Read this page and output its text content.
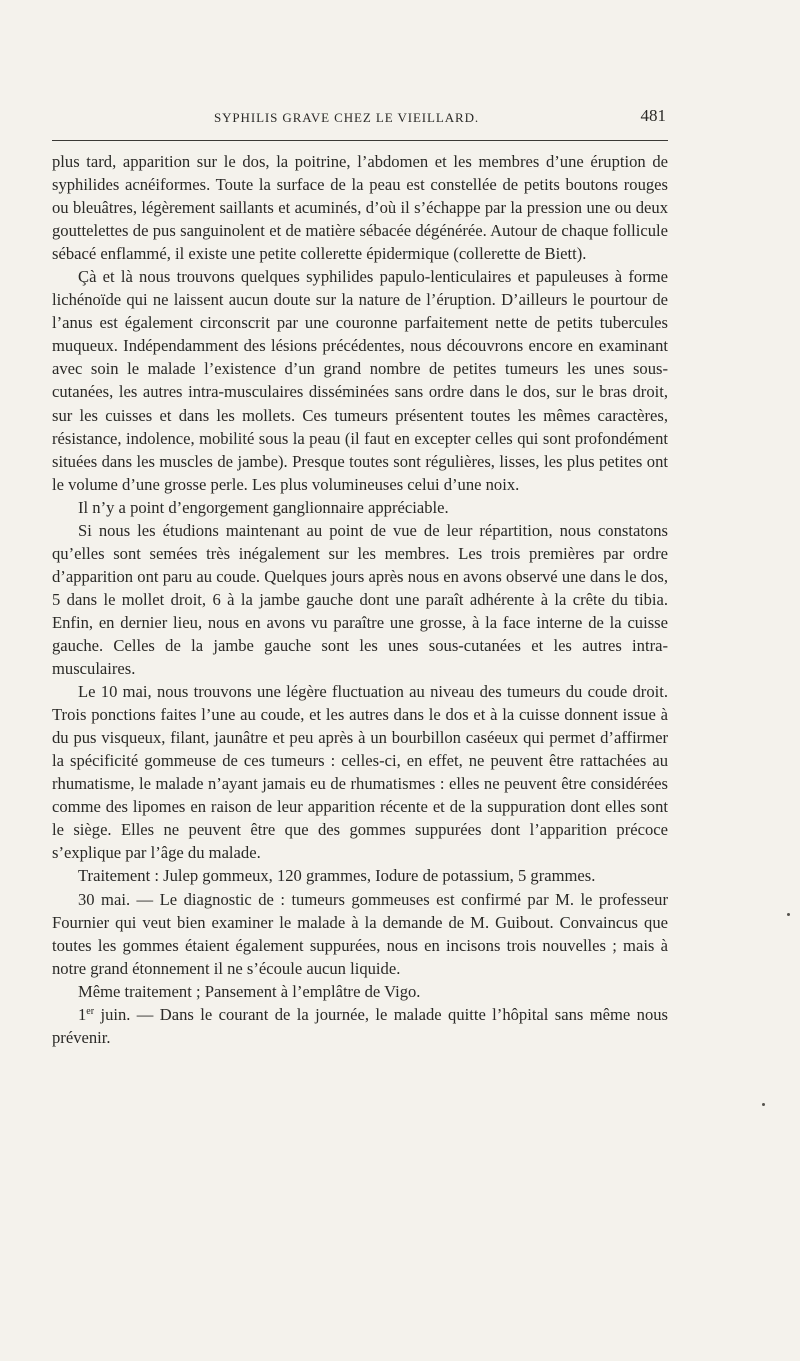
SYPHILIS GRAVE CHEZ LE VIEILLARD.	481

plus tard, apparition sur le dos, la poitrine, l’abdomen et les membres d’une éruption de syphilides acnéiformes. Toute la surface de la peau est constellée de petits boutons rouges ou bleuâtres, légèrement saillants et acuminés, d’où il s’échappe par la pression une ou deux gouttelettes de pus sanguinolent et de matière sébacée dégénérée. Autour de chaque follicule sébacé enflammé, il existe une petite collerette épidermique (collerette de Biett).

Çà et là nous trouvons quelques syphilides papulo-lenticulaires et papuleuses à forme lichénoïde qui ne laissent aucun doute sur la nature de l’éruption. D’ailleurs le pourtour de l’anus est également circonscrit par une couronne parfaitement nette de petits tubercules muqueux. Indépendamment des lésions précédentes, nous découvrons encore en examinant avec soin le malade l’existence d’un grand nombre de petites tumeurs les unes sous-cutanées, les autres intra-musculaires disséminées sans ordre dans le dos, sur le bras droit, sur les cuisses et dans les mollets. Ces tumeurs présentent toutes les mêmes caractères, résistance, indolence, mobilité sous la peau (il faut en excepter celles qui sont profondément situées dans les muscles de jambe). Presque toutes sont régulières, lisses, les plus petites ont le volume d’une grosse perle. Les plus volumineuses celui d’une noix.

Il n’y a point d’engorgement ganglionnaire appréciable.

Si nous les étudions maintenant au point de vue de leur répartition, nous constatons qu’elles sont semées très inégalement sur les membres. Les trois premières par ordre d’apparition ont paru au coude. Quelques jours après nous en avons observé une dans le dos, 5 dans le mollet droit, 6 à la jambe gauche dont une paraît adhérente à la crête du tibia. Enfin, en dernier lieu, nous en avons vu paraître une grosse, à la face interne de la cuisse gauche. Celles de la jambe gauche sont les unes sous-cutanées et les autres intra-musculaires.

Le 10 mai, nous trouvons une légère fluctuation au niveau des tumeurs du coude droit. Trois ponctions faites l’une au coude, et les autres dans le dos et à la cuisse donnent issue à du pus visqueux, filant, jaunâtre et peu après à un bourbillon caséeux qui permet d’affirmer la spécificité gommeuse de ces tumeurs : celles-ci, en effet, ne peuvent être rattachées au rhumatisme, le malade n’ayant jamais eu de rhumatismes : elles ne peuvent être considérées comme des lipomes en raison de leur apparition récente et de la suppuration dont elles sont le siège. Elles ne peuvent être que des gommes suppurées dont l’apparition précoce s’explique par l’âge du malade.

Traitement : Julep gommeux, 120 grammes, Iodure de potassium, 5 grammes.

30 mai. — Le diagnostic de : tumeurs gommeuses est confirmé par M. le professeur Fournier qui veut bien examiner le malade à la demande de M. Guibout. Convaincus que toutes les gommes étaient également suppurées, nous en incisons trois nouvelles ; mais à notre grand étonnement il ne s’écoule aucun liquide.

Même traitement ; Pansement à l’emplâtre de Vigo.

1er juin. — Dans le courant de la journée, le malade quitte l’hôpital sans même nous prévenir.
